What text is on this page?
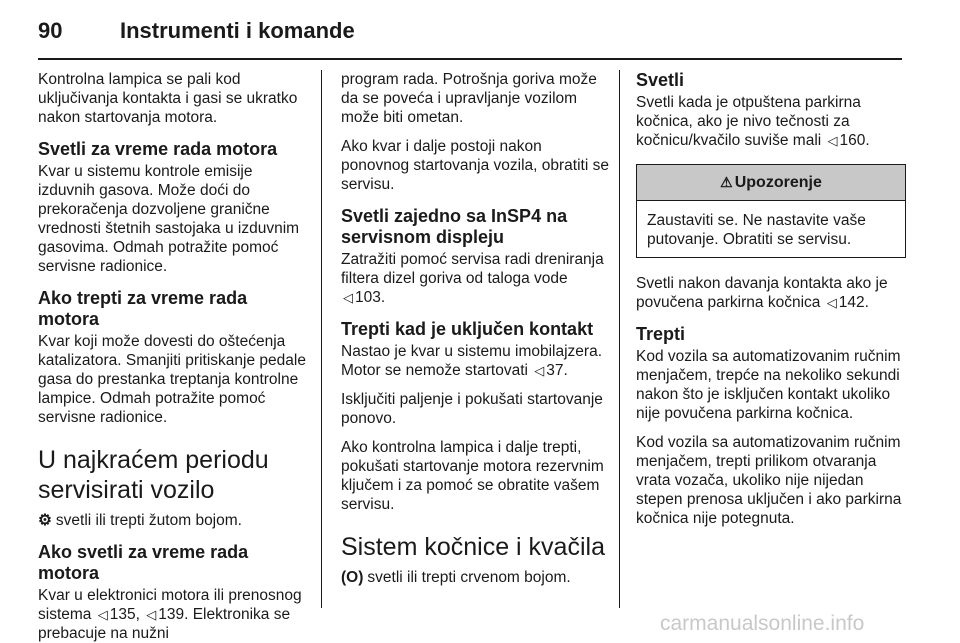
90	Instrumenti i komande

Kontrolna lampica se pali kod uključivanja kontakta i gasi se ukratko nakon startovanja motora.

Svetli za vreme rada motora

Kvar u sistemu kontrole emisije izduvnih gasova. Može doći do prekoračenja dozvoljene granične vrednosti štetnih sastojaka u izduvnim gasovima. Odmah potražite pomoć servisne radionice.

Ako trepti za vreme rada motora

Kvar koji može dovesti do oštećenja katalizatora. Smanjiti pritiskanje pedale gasa do prestanka treptanja kontrolne lampice. Odmah potražite pomoć servisne radionice.

U najkraćem periodu servisirati vozilo

⚙ svetli ili trepti žutom bojom.

Ako svetli za vreme rada motora

Kvar u elektronici motora ili prenosnog sistema ◁ 135, ◁ 139. Elektronika se prebacuje na nužni

program rada. Potrošnja goriva može da se poveća i upravljanje vozilom može biti ometan.

Ako kvar i dalje postoji nakon ponovnog startovanja vozila, obratiti se servisu.

Svetli zajedno sa InSP4 na servisnom displeju

Zatražiti pomoć servisa radi dreniranja filtera dizel goriva od taloga vode ◁ 103.

Trepti kad je uključen kontakt

Nastao je kvar u sistemu imobilajzera. Motor se nemože startovati ◁ 37.

Isključiti paljenje i pokušati startovanje ponovo.

Ako kontrolna lampica i dalje trepti, pokušati startovanje motora rezervnim ključem i za pomoć se obratite vašem servisu.

Sistem kočnice i kvačila

(O) svetli ili trepti crvenom bojom.

Svetli

Svetli kada je otpuštena parkirna kočnica, ako je nivo tečnosti za kočnicu/kvačilo suviše mali ◁ 160.

⚠ Upozorenje
Zaustaviti se. Ne nastavite vaše putovanje. Obratiti se servisu.

Svetli nakon davanja kontakta ako je povučena parkirna kočnica ◁ 142.

Trepti

Kod vozila sa automatizovanim ručnim menjačem, trepće na nekoliko sekundi nakon što je isključen kontakt ukoliko nije povučena parkirna kočnica.

Kod vozila sa automatizovanim ručnim menjačem, trepti prilikom otvaranja vrata vozača, ukoliko nije nijedan stepen prenosa uključen i ako parkirna kočnica nije potegnuta.

carmanualsonline.info
